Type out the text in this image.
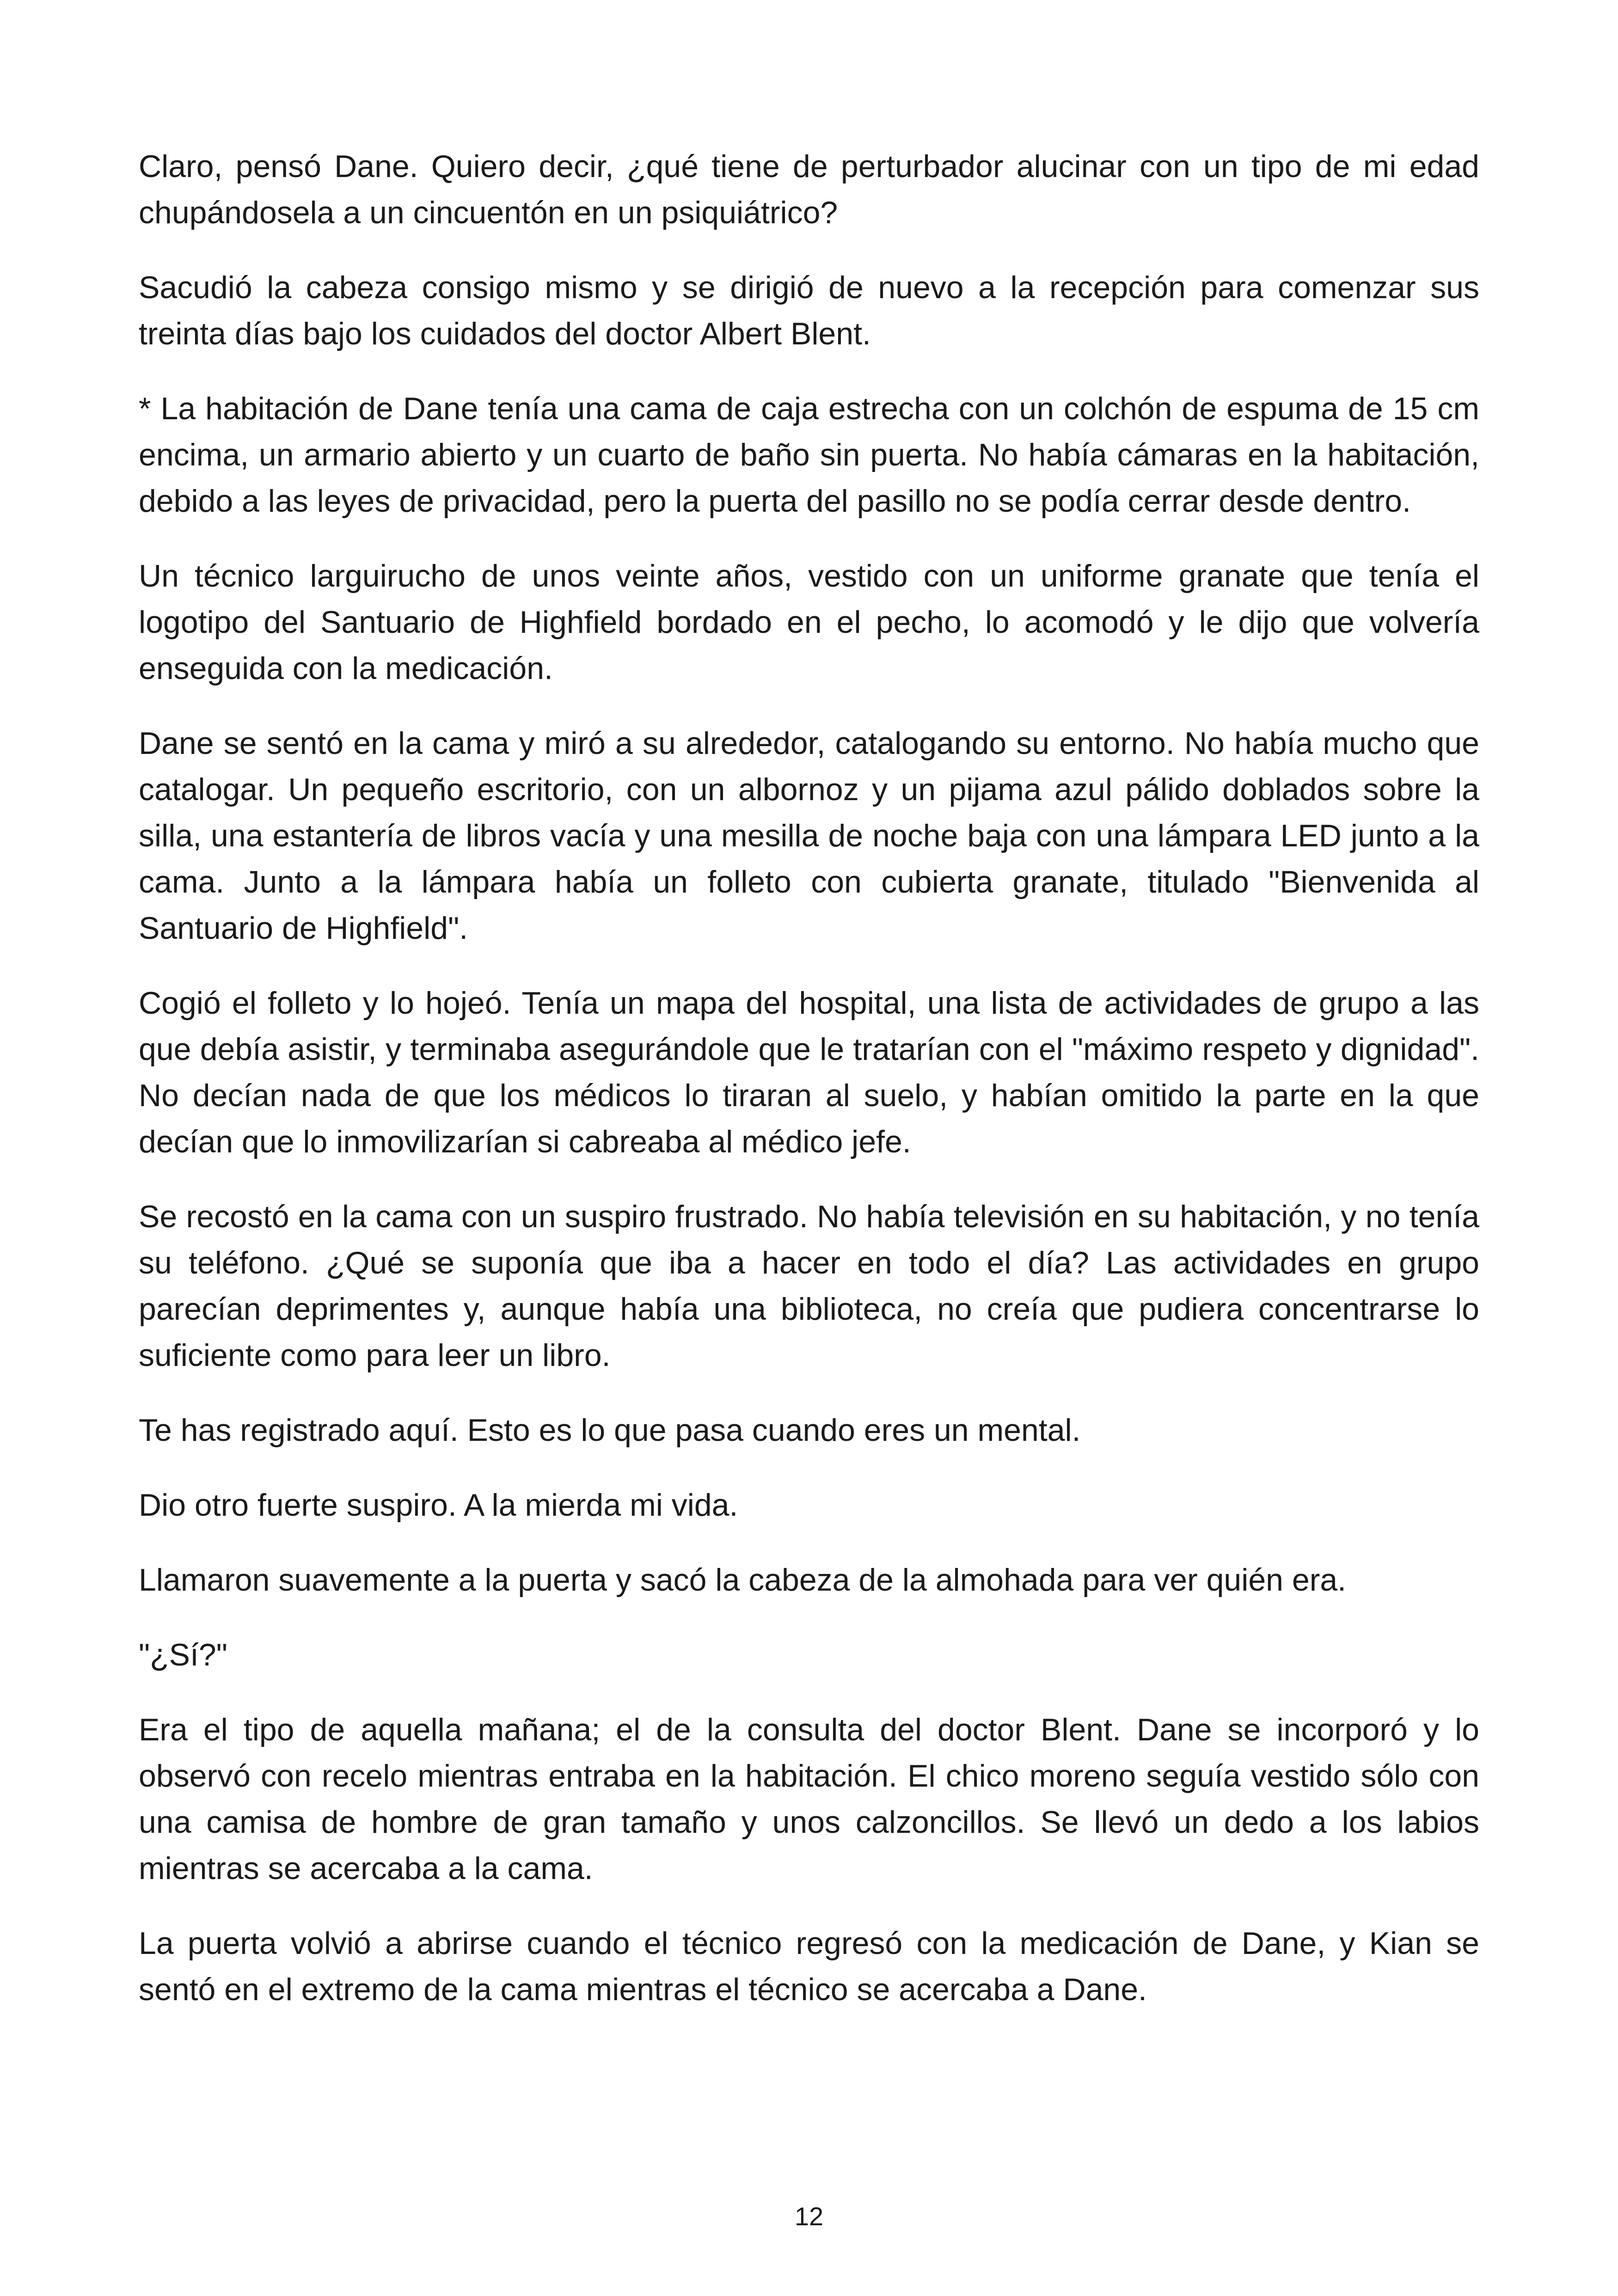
Claro, pensó Dane. Quiero decir, ¿qué tiene de perturbador alucinar con un tipo de mi edad chupándosela a un cincuentón en un psiquiátrico?

Sacudió la cabeza consigo mismo y se dirigió de nuevo a la recepción para comenzar sus treinta días bajo los cuidados del doctor Albert Blent.

* La habitación de Dane tenía una cama de caja estrecha con un colchón de espuma de 15 cm encima, un armario abierto y un cuarto de baño sin puerta. No había cámaras en la habitación, debido a las leyes de privacidad, pero la puerta del pasillo no se podía cerrar desde dentro.

Un técnico larguirucho de unos veinte años, vestido con un uniforme granate que tenía el logotipo del Santuario de Highfield bordado en el pecho, lo acomodó y le dijo que volvería enseguida con la medicación.

Dane se sentó en la cama y miró a su alrededor, catalogando su entorno. No había mucho que catalogar. Un pequeño escritorio, con un albornoz y un pijama azul pálido doblados sobre la silla, una estantería de libros vacía y una mesilla de noche baja con una lámpara LED junto a la cama. Junto a la lámpara había un folleto con cubierta granate, titulado "Bienvenida al Santuario de Highfield".

Cogió el folleto y lo hojeó. Tenía un mapa del hospital, una lista de actividades de grupo a las que debía asistir, y terminaba asegurándole que le tratarían con el "máximo respeto y dignidad". No decían nada de que los médicos lo tiraran al suelo, y habían omitido la parte en la que decían que lo inmovilizarían si cabreaba al médico jefe.

Se recostó en la cama con un suspiro frustrado. No había televisión en su habitación, y no tenía su teléfono. ¿Qué se suponía que iba a hacer en todo el día? Las actividades en grupo parecían deprimentes y, aunque había una biblioteca, no creía que pudiera concentrarse lo suficiente como para leer un libro.

Te has registrado aquí. Esto es lo que pasa cuando eres un mental.

Dio otro fuerte suspiro. A la mierda mi vida.

Llamaron suavemente a la puerta y sacó la cabeza de la almohada para ver quién era.

"¿Sí?"

Era el tipo de aquella mañana; el de la consulta del doctor Blent. Dane se incorporó y lo observó con recelo mientras entraba en la habitación. El chico moreno seguía vestido sólo con una camisa de hombre de gran tamaño y unos calzoncillos. Se llevó un dedo a los labios mientras se acercaba a la cama.

La puerta volvió a abrirse cuando el técnico regresó con la medicación de Dane, y Kian se sentó en el extremo de la cama mientras el técnico se acercaba a Dane.

12
